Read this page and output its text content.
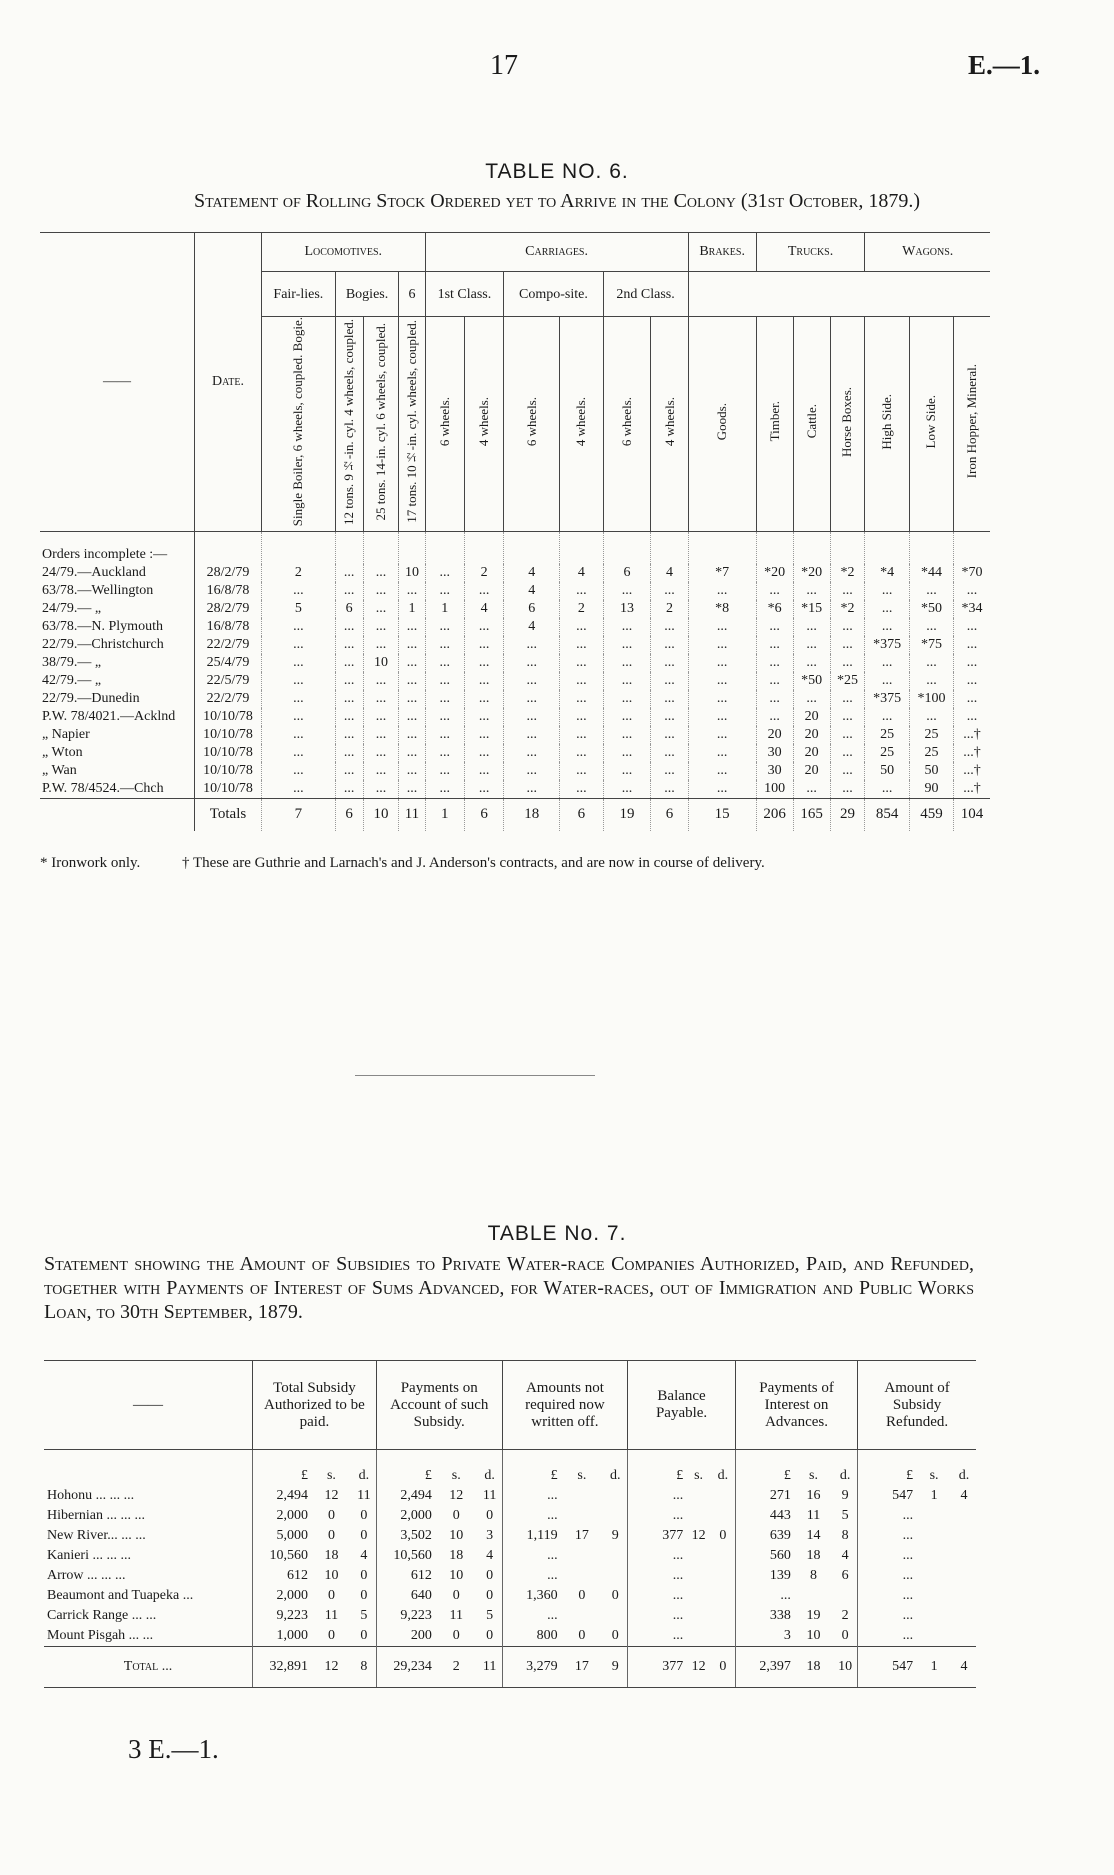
17	E.—1.
TABLE NO. 6.
Statement of Rolling Stock Ordered yet to Arrive in the Colony (31st October, 1879.)
——	Date.	Locomotives.				Carriages.						Brakes.	Trucks.			Wagons.		
		Fair-lies.	Bogies.		6	1st Class.		Compo-site.		2nd Class.								
		Single Boiler, 6 wheels, coupled. Bogie.	12 tons. 9½-in. cyl. 4 wheels, coupled.	25 tons. 14-in. cyl. 6 wheels, coupled.	17 tons. 10½-in. cyl. wheels, coupled.	6 wheels.	4 wheels.	6 wheels.	4 wheels.	6 wheels.	4 wheels.	Goods.	Timber.	Cattle.	Horse Boxes.	High Side.	Low Side.	Iron Hopper, Mineral.
Orders incomplete :—																		
24/79.—Auckland	28/2/79	2	...	...	10	...	2	4	4	6	4	*7	*20	*20	*2	*4	*44	*70
63/78.—Wellington	16/8/78	...	...	...	...	...	...	4	...	...	...	...	...	...	...	...	...	...
24/79.— „	28/2/79	5	6	...	1	1	4	6	2	13	2	*8	*6	*15	*2	...	*50	*34
63/78.—N. Plymouth	16/8/78	...	...	...	...	...	...	4	...	...	...	...	...	...	...	...	...	...
22/79.—Christchurch	22/2/79	...	...	...	...	...	...	...	...	...	...	...	...	...	...	*375	*75	...
38/79.— „	25/4/79	...	...	10	...	...	...	...	...	...	...	...	...	...	...	...	...	...
42/79.— „	22/5/79	...	...	...	...	...	...	...	...	...	...	...	...	*50	*25	...	...	...
22/79.—Dunedin	22/2/79	...	...	...	...	...	...	...	...	...	...	...	...	...	...	*375	*100	...
P.W. 78/4021.—Acklnd	10/10/78	...	...	...	...	...	...	...	...	...	...	...	...	20	...	...	...	...
„ Napier	10/10/78	...	...	...	...	...	...	...	...	...	...	...	20	20	...	25	25	...†
„ Wton	10/10/78	...	...	...	...	...	...	...	...	...	...	...	30	20	...	25	25	...†
„ Wan	10/10/78	...	...	...	...	...	...	...	...	...	...	...	30	20	...	50	50	...†
P.W. 78/4524.—Chch	10/10/78	...	...	...	...	...	...	...	...	...	...	...	100	...	...	...	90	...†
	Totals	7	6	10	11	1	6	18	6	19	6	15	206	165	29	854	459	104
* Ironwork only.	† These are Guthrie and Larnach's and J. Anderson's contracts, and are now in course of delivery.
TABLE No. 7.
Statement showing the Amount of Subsidies to Private Water-race Companies Authorized, Paid, and Refunded, together with Payments of Interest of Sums Advanced, for Water-races, out of Immigration and Public Works Loan, to 30th September, 1879.
——	Total Subsidy Authorized to be paid.	Payments on Account of such Subsidy.	Amounts not required now written off.	Balance Payable.	Payments of Interest on Advances.	Amount of Subsidy Refunded.

	£ s. d.	£ s. d.	£ s. d.	£ s. d.	£ s. d.	£ s. d.

Hohonu ... ... ...	2,494 12 11	2,494 12 11	...	...	271 16 9	547 1 4

Hibernian ... ... ...	2,000 0 0	2,000 0 0	...	...	443 11 5	...

New River... ... ...	5,000 0 0	3,502 10 3	1,119 17 9	377 12 0	639 14 8	...

Kanieri ... ... ...	10,560 18 4	10,560 18 4	...	...	560 18 4	...

Arrow ... ... ...	612 10 0	612 10 0	...	...	139 8 6	...

Beaumont and Tuapeka ...	2,000 0 0	640 0 0	1,360 0 0	...	...	...

Carrick Range ... ...	9,223 11 5	9,223 11 5	...	...	338 19 2	...

Mount Pisgah ... ...	1,000 0 0	200 0 0	800 0 0	...	3 10 0	...

Total ...	32,891 12 8	29,234 2 11	3,279 17 9	377 12 0	2,397 18 10	547 1 4
3 E.—1.
